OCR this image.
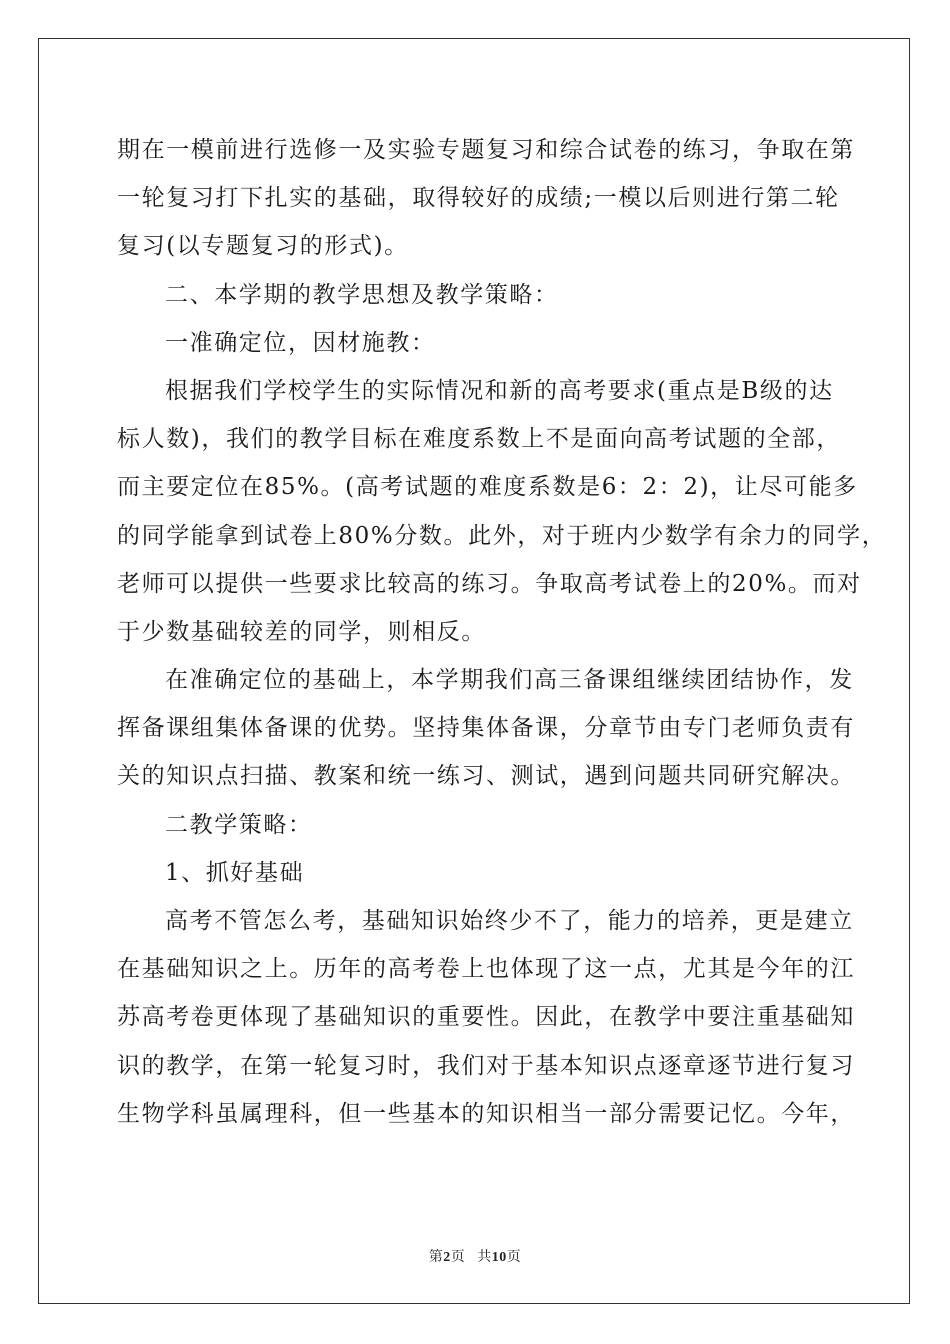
期在一模前进行选修一及实验专题复习和综合试卷的练习，争取在第
一轮复习打下扎实的基础，取得较好的成绩;一模以后则进行第二轮
复习(以专题复习的形式)。
二、本学期的教学思想及教学策略：
一准确定位，因材施教：
根据我们学校学生的实际情况和新的高考要求(重点是B级的达
标人数)，我们的教学目标在难度系数上不是面向高考试题的全部，
而主要定位在85%。(高考试题的难度系数是6：2：2)，让尽可能多
的同学能拿到试卷上80%分数。此外，对于班内少数学有余力的同学，
老师可以提供一些要求比较高的练习。争取高考试卷上的20%。而对
于少数基础较差的同学，则相反。
在准确定位的基础上，本学期我们高三备课组继续团结协作，发
挥备课组集体备课的优势。坚持集体备课，分章节由专门老师负责有
关的知识点扫描、教案和统一练习、测试，遇到问题共同研究解决。
二教学策略：
1、抓好基础
高考不管怎么考，基础知识始终少不了，能力的培养，更是建立
在基础知识之上。历年的高考卷上也体现了这一点，尤其是今年的江
苏高考卷更体现了基础知识的重要性。因此，在教学中要注重基础知
识的教学，在第一轮复习时，我们对于基本知识点逐章逐节进行复习
生物学科虽属理科，但一些基本的知识相当一部分需要记忆。今年，
第2页 共10页
